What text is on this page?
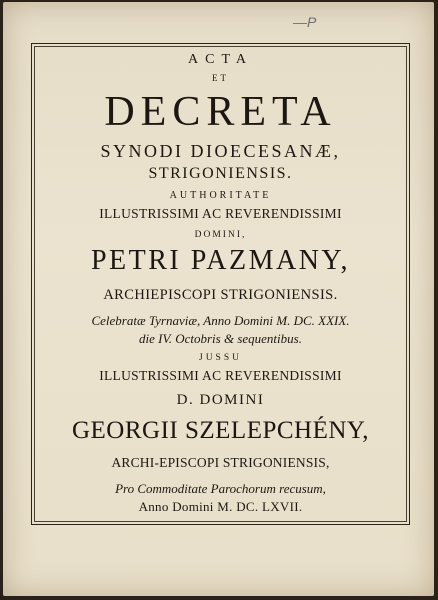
—P
ACTA
ET
DECRETA
SYNODI DIOECESANÆ,
STRIGONIENSIS.
AUTHORITATE
ILLUSTRISSIMI AC REVERENDISSIMI
DOMINI,
PETRI PAZMANY,
ARCHIEPISCOPI STRIGONIENSIS.
Celebratæ Tyrnaviæ, Anno Domini M. DC. XXIX.
die IV. Octobris & sequentibus.
JUSSU
ILLUSTRISSIMI AC REVERENDISSIMI
D. DOMINI
GEORGII SZELEPCHÉNY,
ARCHI-EPISCOPI STRIGONIENSIS,
Pro Commoditate Parochorum recusum,
Anno Domini M. DC. LXVII.
